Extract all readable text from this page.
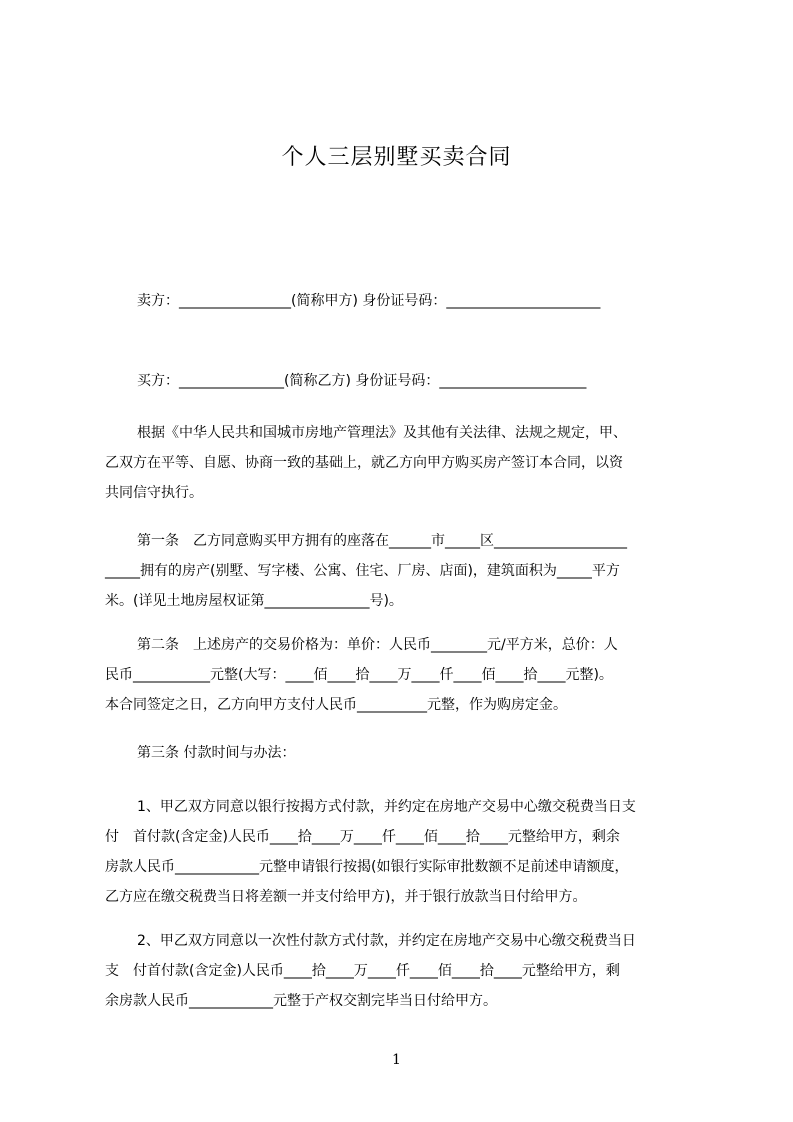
个人三层别墅买卖合同
卖方：________________(简称甲方) 身份证号码：______________________
买方：_______________(简称乙方) 身份证号码：_____________________

根据《中华人民共和国城市房地产管理法》及其他有关法律、法规之规定，甲、

乙双方在平等、自愿、协商一致的基础上，就乙方向甲方购买房产签订本合同，以资

共同信守执行。

第一条　乙方同意购买甲方拥有的座落在______市_____区___________________

_____拥有的房产(别墅、写字楼、公寓、住宅、厂房、店面)，建筑面积为_____平方

米。(详见土地房屋权证第_______________号)。

第二条　上述房产的交易价格为：单价：人民币________元/平方米，总价：人

民币___________元整(大写：____佰____拾____万____仟____佰____拾____元整)。

本合同签定之日，乙方向甲方支付人民币__________元整，作为购房定金。

第三条 付款时间与办法：

1、甲乙双方同意以银行按揭方式付款，并约定在房地产交易中心缴交税费当日支

付　首付款(含定金)人民币____拾____万____仟____佰____拾____元整给甲方，剩余

房款人民币____________元整申请银行按揭(如银行实际审批数额不足前述申请额度，

乙方应在缴交税费当日将差额一并支付给甲方)，并于银行放款当日付给甲方。

2、甲乙双方同意以一次性付款方式付款，并约定在房地产交易中心缴交税费当日

支　付首付款(含定金)人民币____拾____万____仟____佰____拾____元整给甲方，剩

余房款人民币____________元整于产权交割完毕当日付给甲方。

1
